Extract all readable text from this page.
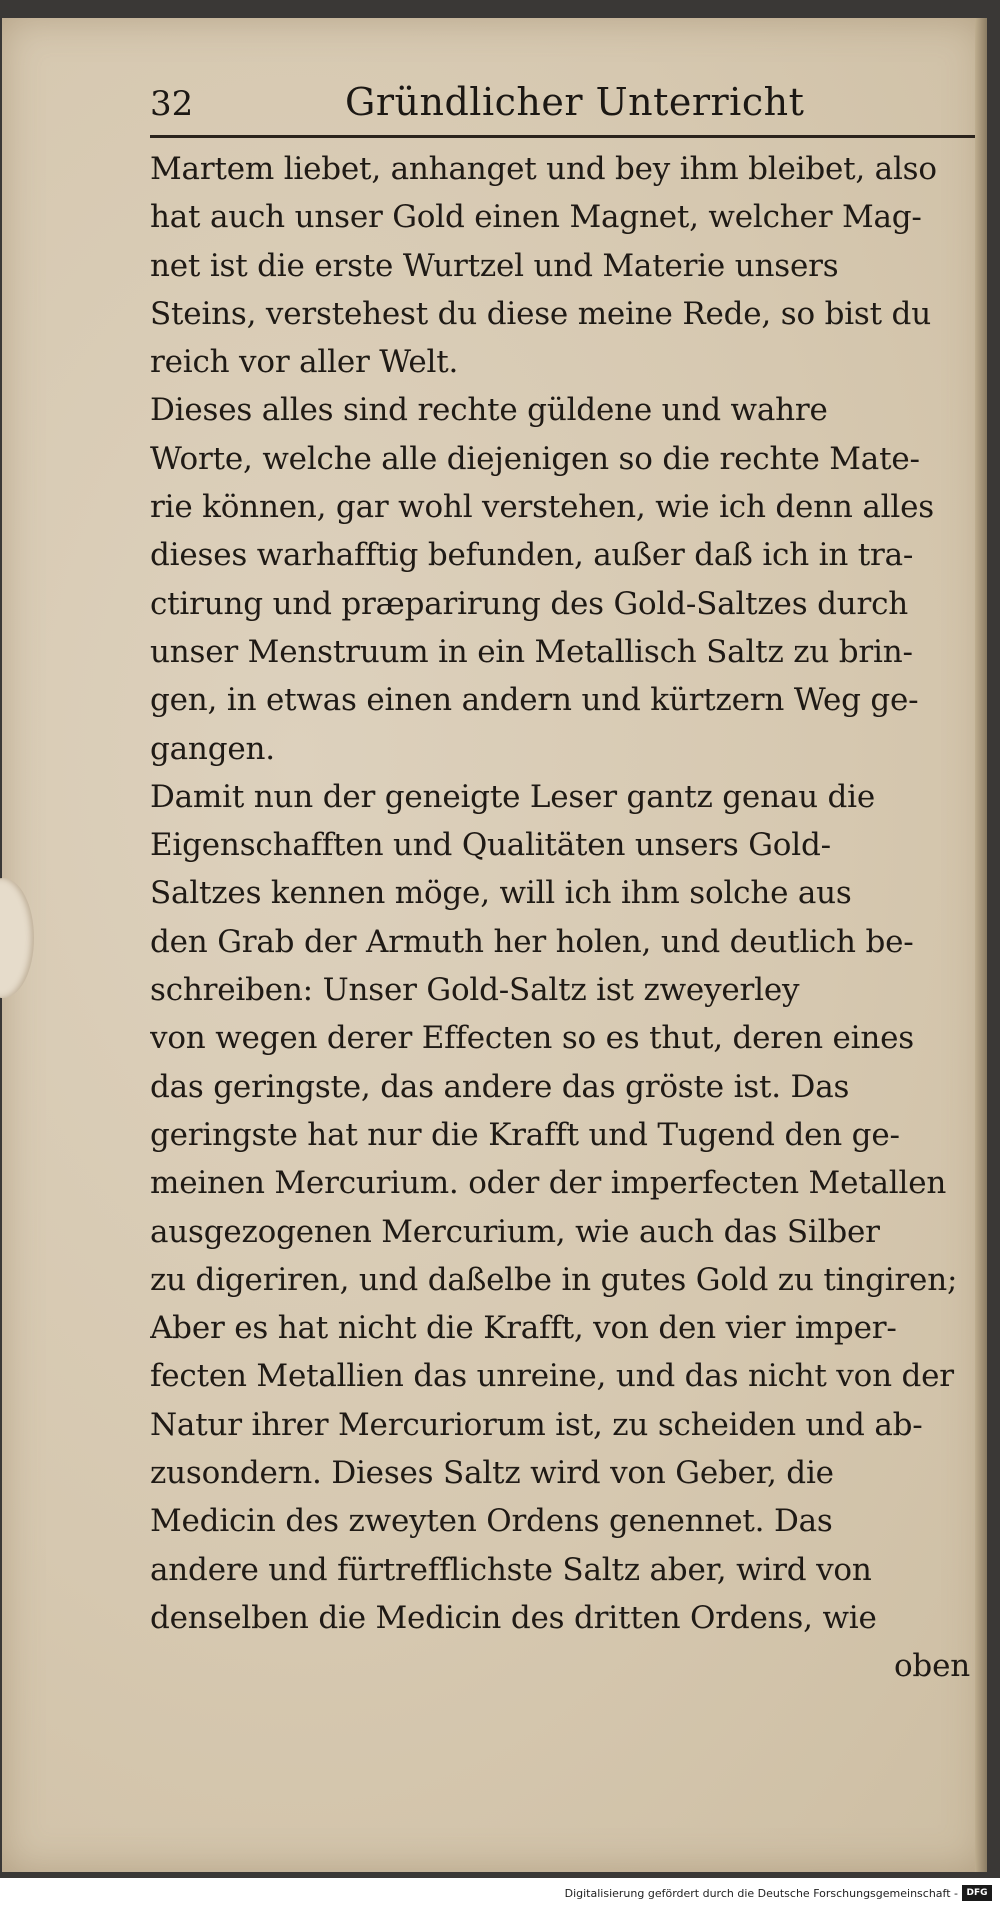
32	Gründlicher Unterricht
Martem liebet, anhanget und bey ihm bleibet, also
hat auch unser Gold einen Magnet, welcher Mag-
net ist die erste Wurtzel und Materie unsers
Steins, verstehest du diese meine Rede, so bist du
reich vor aller Welt.
Dieses alles sind rechte güldene und wahre
Worte, welche alle diejenigen so die rechte Mate-
rie können, gar wohl verstehen, wie ich denn alles
dieses warhafftig befunden, außer daß ich in tra-
ctirung und præparirung des Gold-Saltzes durch
unser Menstruum in ein Metallisch Saltz zu brin-
gen, in etwas einen andern und kürtzern Weg ge-
gangen.
Damit nun der geneigte Leser gantz genau die
Eigenschafften und Qualitäten unsers Gold-
Saltzes kennen möge, will ich ihm solche aus
den Grab der Armuth her holen, und deutlich be-
schreiben: Unser Gold-Saltz ist zweyerley
von wegen derer Effecten so es thut, deren eines
das geringste, das andere das gröste ist. Das
geringste hat nur die Krafft und Tugend den ge-
meinen Mercurium. oder der imperfecten Metallen
ausgezogenen Mercurium, wie auch das Silber
zu digeriren, und daßelbe in gutes Gold zu tingiren;
Aber es hat nicht die Krafft, von den vier imper-
fecten Metallien das unreine, und das nicht von der
Natur ihrer Mercuriorum ist, zu scheiden und ab-
zusondern. Dieses Saltz wird von Geber, die
Medicin des zweyten Ordens genennet. Das
andere und fürtrefflichste Saltz aber, wird von
denselben die Medicin des dritten Ordens, wie
oben
Digitalisierung gefördert durch die Deutsche Forschungsgemeinschaft - DFG
